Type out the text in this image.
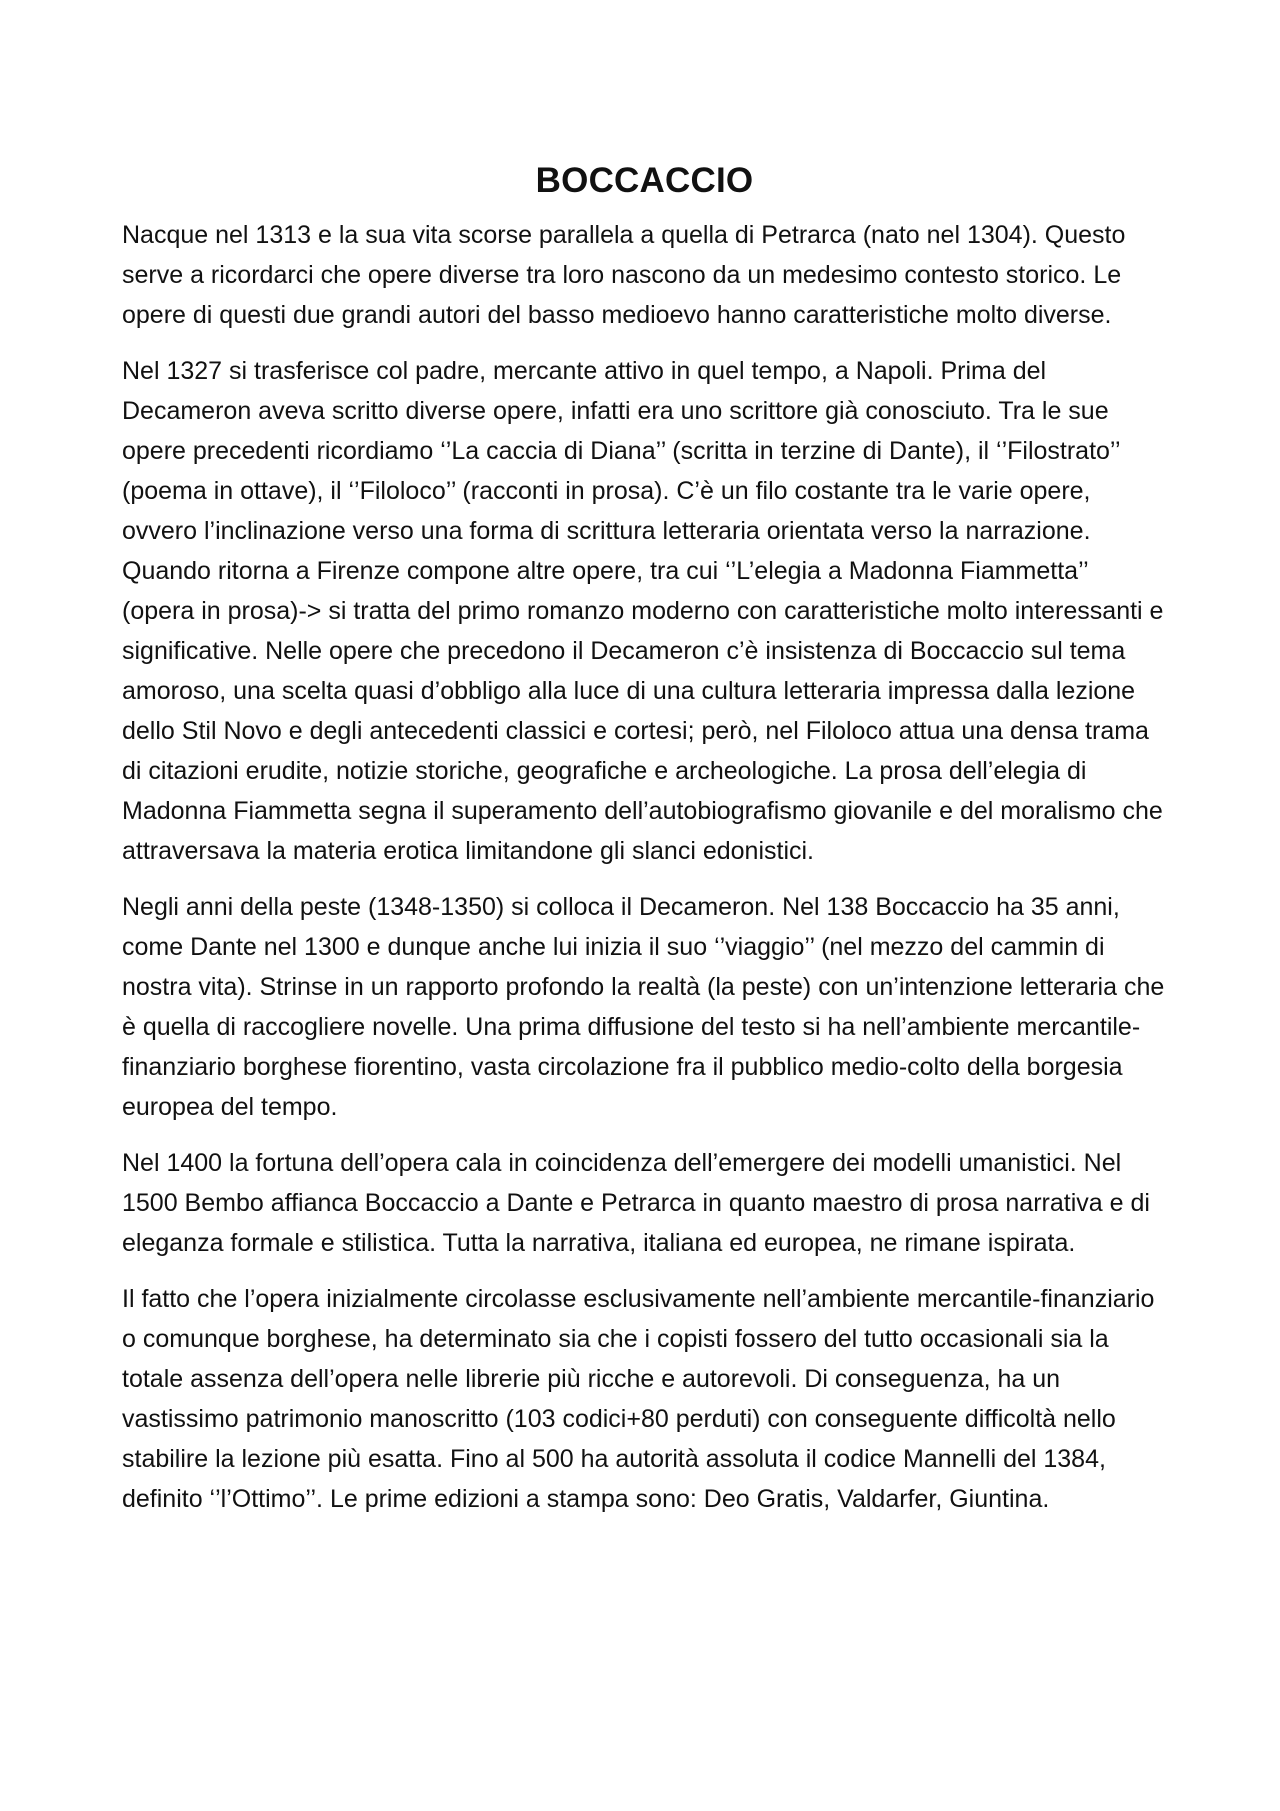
BOCCACCIO

Nacque nel 1313 e la sua vita scorse parallela a quella di Petrarca (nato nel 1304). Questo serve a ricordarci che opere diverse tra loro nascono da un medesimo contesto storico. Le opere di questi due grandi autori del basso medioevo hanno caratteristiche molto diverse.

Nel 1327 si trasferisce col padre, mercante attivo in quel tempo, a Napoli. Prima del Decameron aveva scritto diverse opere, infatti era uno scrittore già conosciuto. Tra le sue opere precedenti ricordiamo ‘’La caccia di Diana’’ (scritta in terzine di Dante), il ‘’Filostrato’’ (poema in ottave), il ‘’Filoloco’’ (racconti in prosa). C’è un filo costante tra le varie opere, ovvero l’inclinazione verso una forma di scrittura letteraria orientata verso la narrazione. Quando ritorna a Firenze compone altre opere, tra cui ‘’L’elegia a Madonna Fiammetta’’ (opera in prosa)-> si tratta del primo romanzo moderno con caratteristiche molto interessanti e significative. Nelle opere che precedono il Decameron c’è insistenza di Boccaccio sul tema amoroso, una scelta quasi d’obbligo alla luce di una cultura letteraria impressa dalla lezione dello Stil Novo e degli antecedenti classici e cortesi; però, nel Filoloco attua una densa trama di citazioni erudite, notizie storiche, geografiche e archeologiche. La prosa dell’elegia di Madonna Fiammetta segna il superamento dell’autobiografismo giovanile e del moralismo che attraversava la materia erotica limitandone gli slanci edonistici.

Negli anni della peste (1348-1350) si colloca il Decameron. Nel 138 Boccaccio ha 35 anni, come Dante nel 1300 e dunque anche lui inizia il suo ‘’viaggio’’ (nel mezzo del cammin di nostra vita). Strinse in un rapporto profondo la realtà (la peste) con un’intenzione letteraria che è quella di raccogliere novelle. Una prima diffusione del testo si ha nell’ambiente mercantile-finanziario borghese fiorentino, vasta circolazione fra il pubblico medio-colto della borgesia europea del tempo.

Nel 1400 la fortuna dell’opera cala in coincidenza dell’emergere dei modelli umanistici. Nel 1500 Bembo affianca Boccaccio a Dante e Petrarca in quanto maestro di prosa narrativa e di eleganza formale e stilistica. Tutta la narrativa, italiana ed europea, ne rimane ispirata.

Il fatto che l’opera inizialmente circolasse esclusivamente nell’ambiente mercantile-finanziario o comunque borghese, ha determinato sia che i copisti fossero del tutto occasionali sia la totale assenza dell’opera nelle librerie più ricche e autorevoli. Di conseguenza, ha un vastissimo patrimonio manoscritto (103 codici+80 perduti) con conseguente difficoltà nello stabilire la lezione più esatta. Fino al 500 ha autorità assoluta il codice Mannelli del 1384, definito ‘’l’Ottimo’’. Le prime edizioni a stampa sono: Deo Gratis, Valdarfer, Giuntina.
